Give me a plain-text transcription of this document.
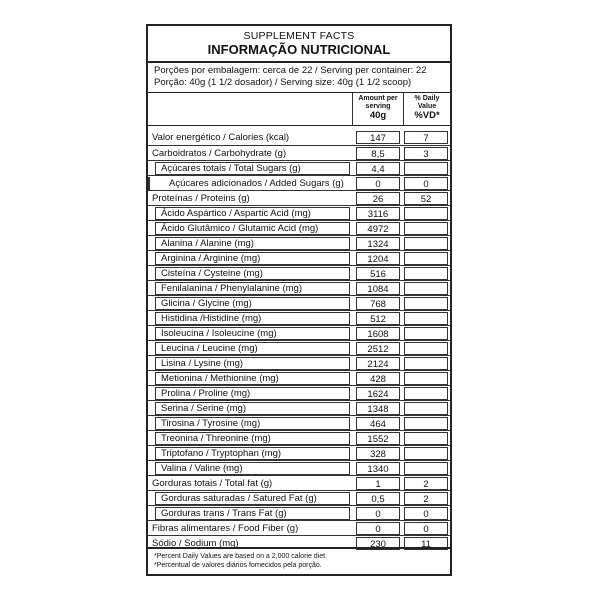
SUPPLEMENT FACTS
INFORMAÇÃO NUTRICIONAL
Porções por embalagem: cerca de 22 / Serving per container: 22
Porção: 40g (1 1/2 dosador) / Serving size: 40g (1 1/2 scoop)
Amount per serving
40g
% Daily Value
%VD*
Valor energético / Calories (kcal)	147	7
Carboidratos / Carbohydrate (g)	8,5	3
Açúcares totais / Total Sugars (g)	4,4
Açúcares adicionados / Added Sugars (g)	0	0
Proteínas / Proteins (g)	26	52
Ácido Aspártico / Aspartic Acid (mg)	3116
Ácido Glutâmico / Glutamic Acid (mg)	4972
Alanina / Alanine (mg)	1324
Arginina / Arginine (mg)	1204
Cisteína / Cysteine (mg)	516
Fenilalanina / Phenylalanine (mg)	1084
Glicina / Glycine (mg)	768
Histidina /Histidine (mg)	512
Isoleucina / Isoleucine (mg)	1608
Leucina / Leucine (mg)	2512
Lisina / Lysine (mg)	2124
Metionina / Methionine (mg)	428
Prolina / Proline (mg)	1624
Serina / Serine (mg)	1348
Tirosina / Tyrosine (mg)	464
Treonina / Threonine (mg)	1552
Triptofano / Tryptophan (mg)	328
Valina / Valine (mg)	1340
Gorduras totais / Total fat (g)	1	2
Gorduras saturadas / Satured Fat (g)	0,5	2
Gorduras trans / Trans Fat (g)	0	0
Fibras alimentares / Food Fiber (g)	0	0
Sódio / Sodium (mg)	230	11
*Percent Daily Values are based on a 2,000 calorie diet.
*Percentual de valores diários fornecidos pela porção.
